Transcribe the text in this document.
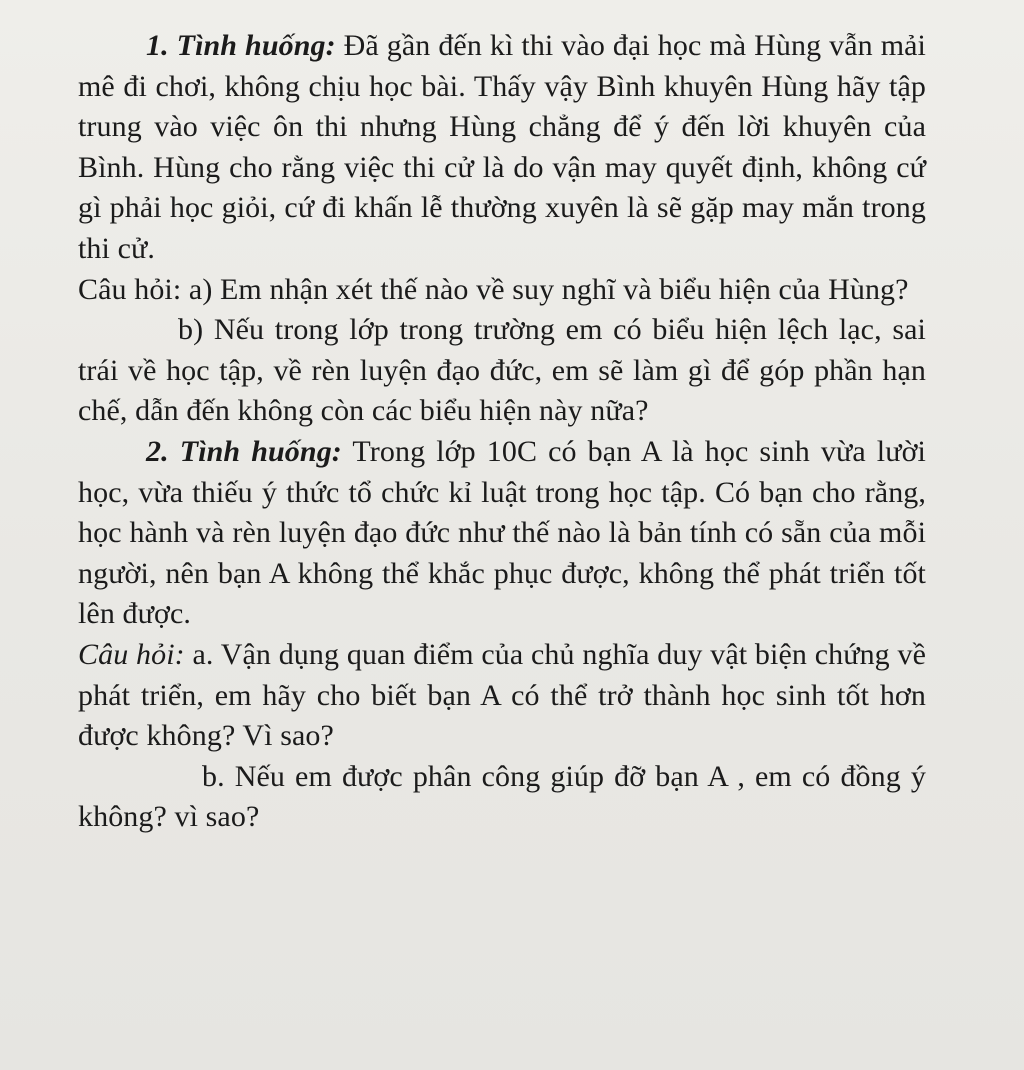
1. Tình huống: Đã gần đến kì thi vào đại học mà Hùng vẫn mải mê đi chơi, không chịu học bài. Thấy vậy Bình khuyên Hùng hãy tập trung vào việc ôn thi nhưng Hùng chẳng để ý đến lời khuyên của Bình. Hùng cho rằng việc thi cử là do vận may quyết định, không cứ gì phải học giỏi, cứ đi khấn lễ thường xuyên là sẽ gặp may mắn trong thi cử.

Câu hỏi: a) Em nhận xét thế nào về suy nghĩ và biểu hiện của Hùng?

b) Nếu trong lớp trong trường em có biểu hiện lệch lạc, sai trái về học tập, về rèn luyện đạo đức, em sẽ làm gì để góp phần hạn chế, dẫn đến không còn các biểu hiện này nữa?

2. Tình huống: Trong lớp 10C có bạn A là học sinh vừa lười học, vừa thiếu ý thức tổ chức kỉ luật trong học tập. Có bạn cho rằng, học hành và rèn luyện đạo đức như thế nào là bản tính có sẵn của mỗi người, nên bạn A không thể khắc phục được, không thể phát triển tốt lên được.

Câu hỏi: a. Vận dụng quan điểm của chủ nghĩa duy vật biện chứng về phát triển, em hãy cho biết bạn A có thể trở thành học sinh tốt hơn được không? Vì sao?

b. Nếu em được phân công giúp đỡ bạn A , em có đồng ý không? vì sao?
